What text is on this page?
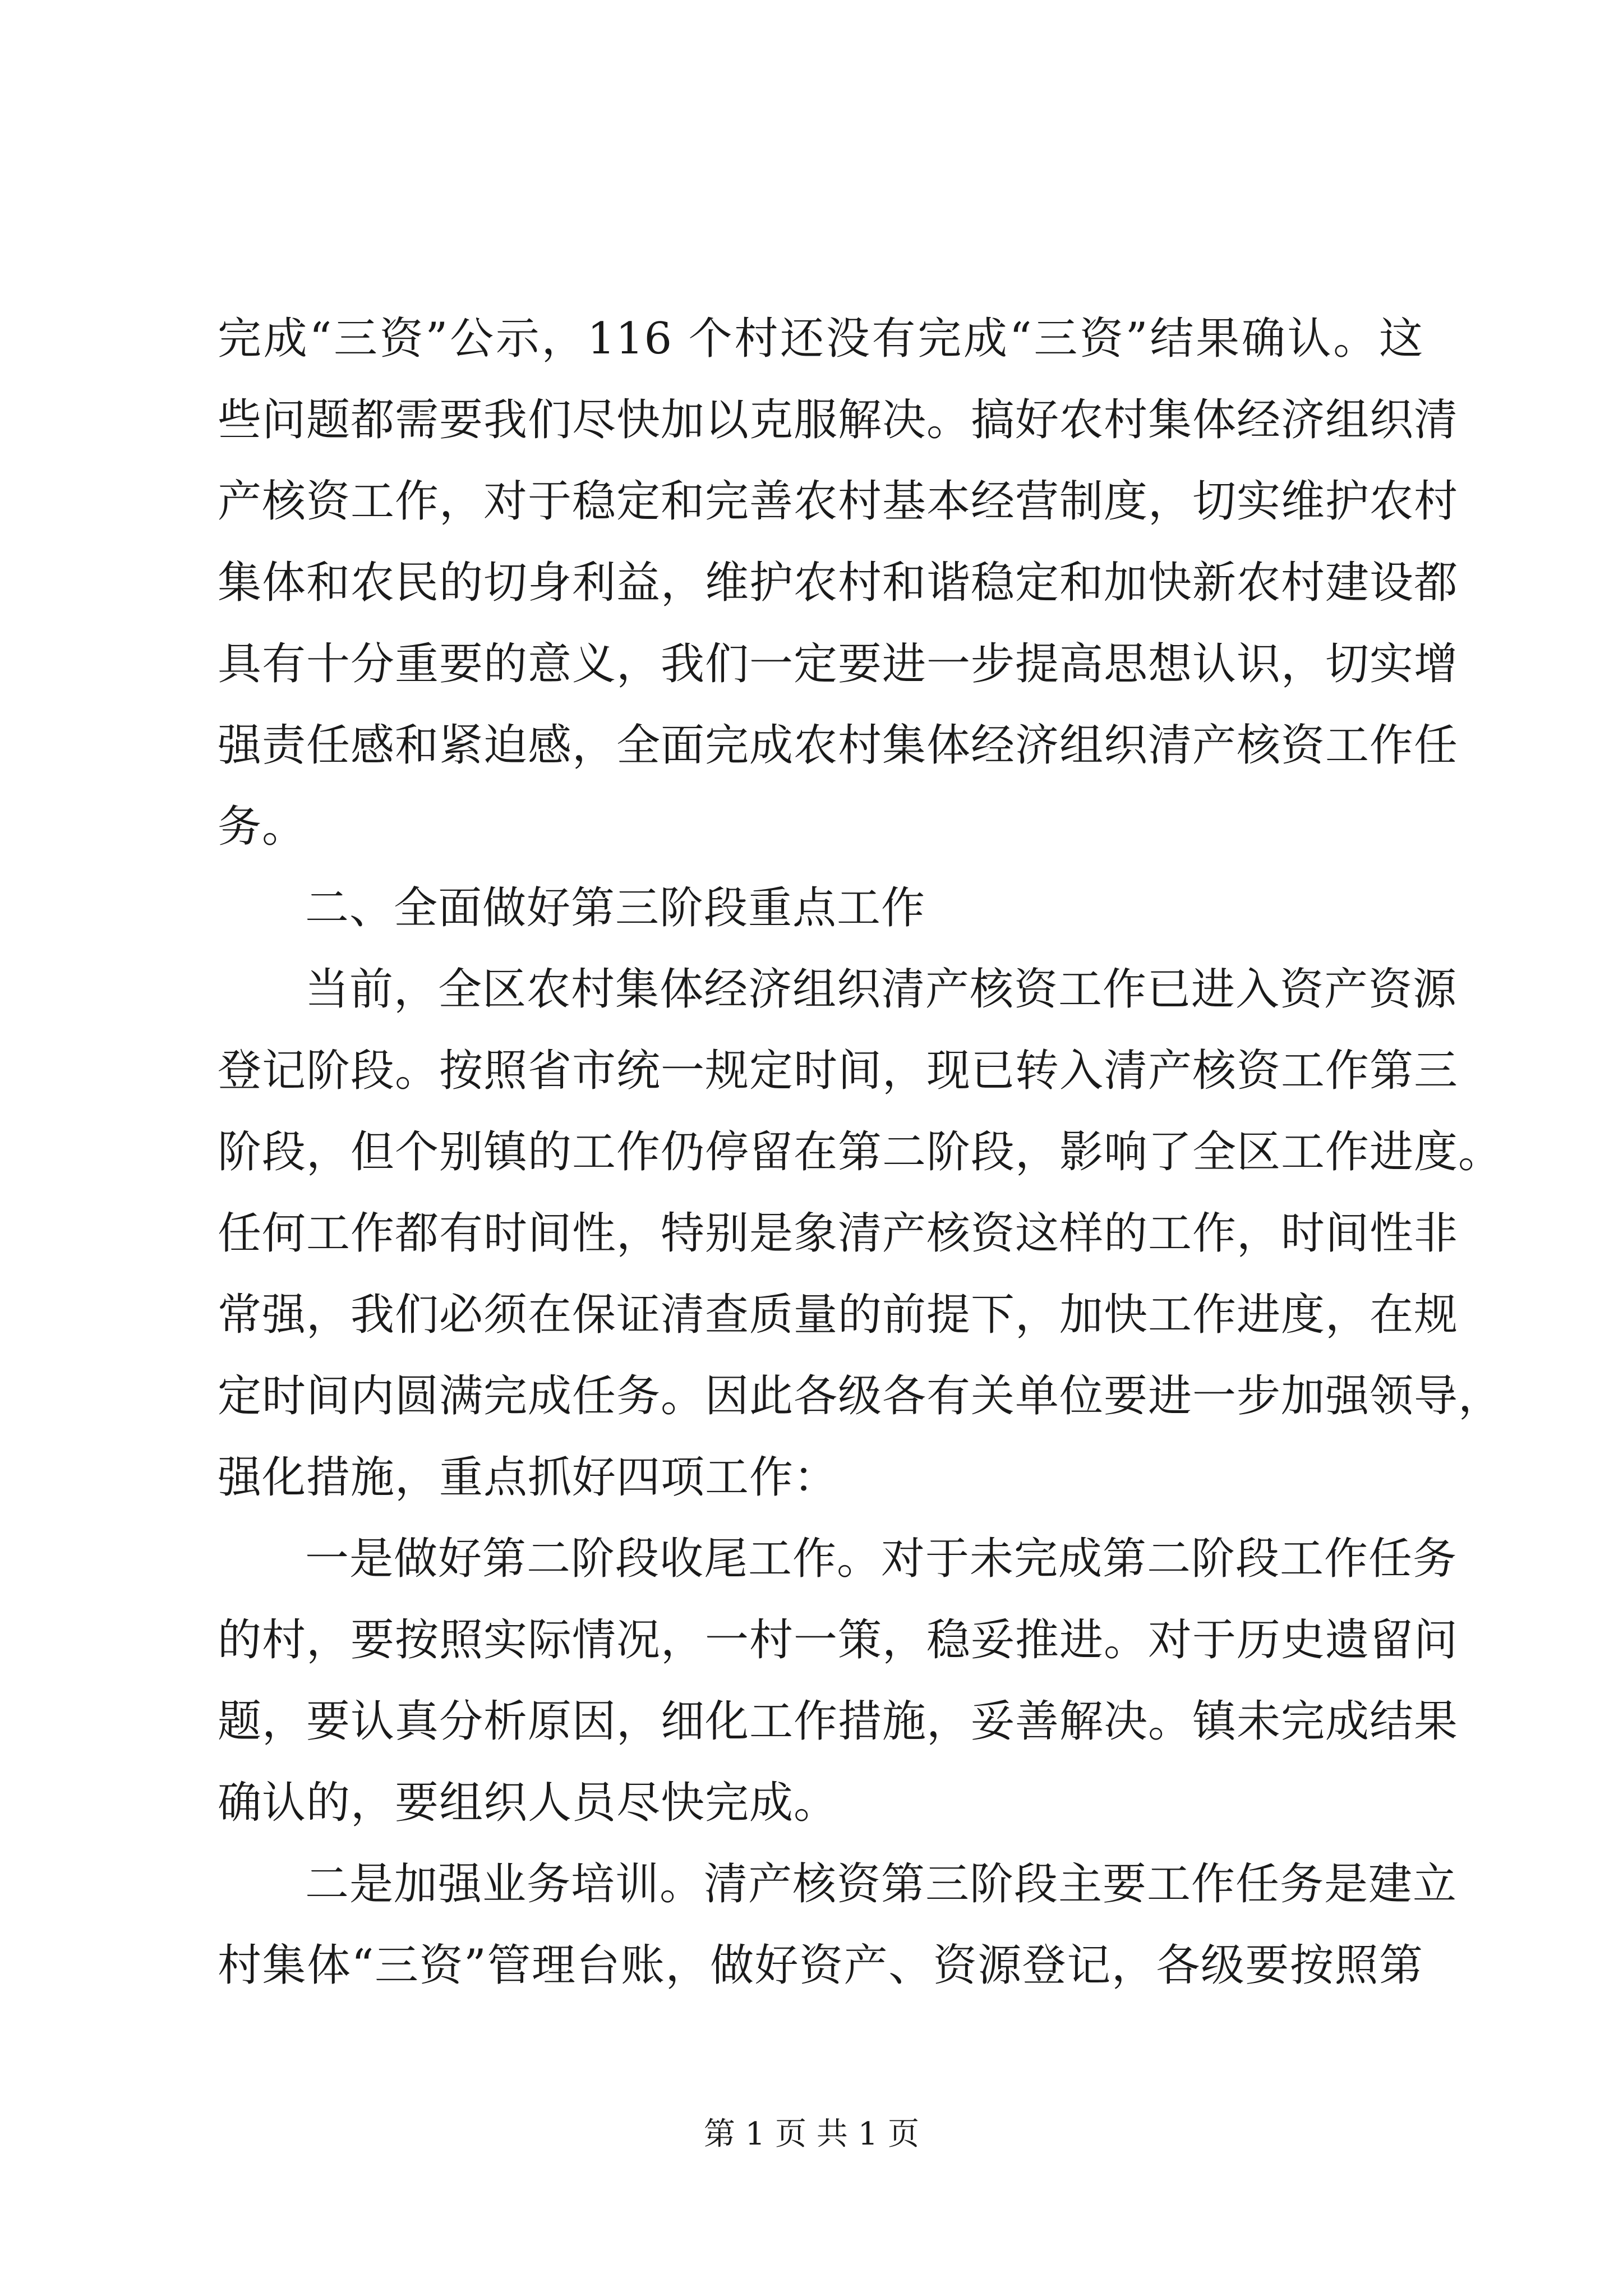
完成“三资”公示，116 个村还没有完成“三资”结果确认。这
些问题都需要我们尽快加以克服解决。搞好农村集体经济组织清
产核资工作，对于稳定和完善农村基本经营制度，切实维护农村
集体和农民的切身利益，维护农村和谐稳定和加快新农村建设都
具有十分重要的意义，我们一定要进一步提高思想认识，切实增
强责任感和紧迫感，全面完成农村集体经济组织清产核资工作任
务。
二、全面做好第三阶段重点工作
当前，全区农村集体经济组织清产核资工作已进入资产资源
登记阶段。按照省市统一规定时间，现已转入清产核资工作第三
阶段，但个别镇的工作仍停留在第二阶段，影响了全区工作进度。
任何工作都有时间性，特别是象清产核资这样的工作，时间性非
常强，我们必须在保证清查质量的前提下，加快工作进度，在规
定时间内圆满完成任务。因此各级各有关单位要进一步加强领导，
强化措施，重点抓好四项工作：
一是做好第二阶段收尾工作。对于未完成第二阶段工作任务
的村，要按照实际情况，一村一策，稳妥推进。对于历史遗留问
题，要认真分析原因，细化工作措施，妥善解决。镇未完成结果
确认的，要组织人员尽快完成。
二是加强业务培训。清产核资第三阶段主要工作任务是建立
村集体“三资”管理台账，做好资产、资源登记，各级要按照第
第 1 页 共 1 页
